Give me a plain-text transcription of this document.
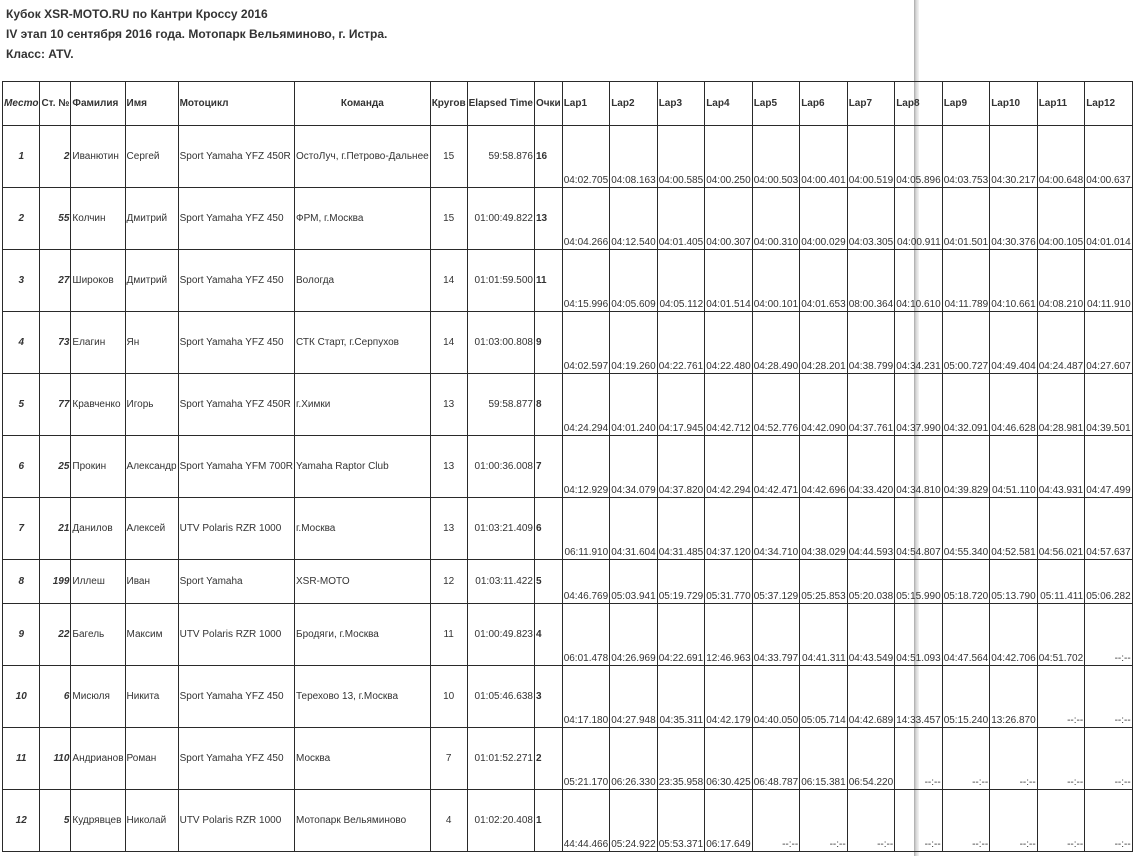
Кубок XSR-MOTO.RU по Кантри Кроссу 2016
IV этап 10 сентября 2016 года. Мотопарк Вельяминово, г. Истра.
Класс: ATV.
Место	Ст. №	Фамилия	Имя	Мотоцикл	Команда	Кругов	Elapsed Time	Очки	Lap1	Lap2	Lap3	Lap4	Lap5	Lap6	Lap7	Lap8	Lap9	Lap10	Lap11	Lap12
1	2	Иванютин	Сергей	Sport Yamaha YFZ 450R	ОстоЛуч, г.Петрово-Дальнее	15	59:58.876	16	04:02.705	04:08.163	04:00.585	04:00.250	04:00.503	04:00.401	04:00.519	04:05.896	04:03.753	04:30.217	04:00.648	04:00.637
2	55	Колчин	Дмитрий	Sport Yamaha YFZ 450	ФРМ, г.Москва	15	01:00:49.822	13	04:04.266	04:12.540	04:01.405	04:00.307	04:00.310	04:00.029	04:03.305	04:00.911	04:01.501	04:30.376	04:00.105	04:01.014
3	27	Широков	Дмитрий	Sport Yamaha YFZ 450	Вологда	14	01:01:59.500	11	04:15.996	04:05.609	04:05.112	04:01.514	04:00.101	04:01.653	08:00.364	04:10.610	04:11.789	04:10.661	04:08.210	04:11.910
4	73	Елагин	Ян	Sport Yamaha YFZ 450	СТК Старт, г.Серпухов	14	01:03:00.808	9	04:02.597	04:19.260	04:22.761	04:22.480	04:28.490	04:28.201	04:38.799	04:34.231	05:00.727	04:49.404	04:24.487	04:27.607
5	77	Кравченко	Игорь	Sport Yamaha YFZ 450R	г.Химки	13	59:58.877	8	04:24.294	04:01.240	04:17.945	04:42.712	04:52.776	04:42.090	04:37.761	04:37.990	04:32.091	04:46.628	04:28.981	04:39.501
6	25	Прокин	Александр	Sport Yamaha YFM 700R	Yamaha Raptor Club	13	01:00:36.008	7	04:12.929	04:34.079	04:37.820	04:42.294	04:42.471	04:42.696	04:33.420	04:34.810	04:39.829	04:51.110	04:43.931	04:47.499
7	21	Данилов	Алексей	UTV Polaris RZR 1000	г.Москва	13	01:03:21.409	6	06:11.910	04:31.604	04:31.485	04:37.120	04:34.710	04:38.029	04:44.593	04:54.807	04:55.340	04:52.581	04:56.021	04:57.637
8	199	Иллеш	Иван	Sport Yamaha	XSR-MOTO	12	01:03:11.422	5	04:46.769	05:03.941	05:19.729	05:31.770	05:37.129	05:25.853	05:20.038	05:15.990	05:18.720	05:13.790	05:11.411	05:06.282
9	22	Багель	Максим	UTV Polaris RZR 1000	Бродяги, г.Москва	11	01:00:49.823	4	06:01.478	04:26.969	04:22.691	12:46.963	04:33.797	04:41.311	04:43.549	04:51.093	04:47.564	04:42.706	04:51.702	--:--
10	6	Мисюля	Никита	Sport Yamaha YFZ 450	Терехово 13, г.Москва	10	01:05:46.638	3	04:17.180	04:27.948	04:35.311	04:42.179	04:40.050	05:05.714	04:42.689	14:33.457	05:15.240	13:26.870	--:--	--:--
11	110	Андрианов	Роман	Sport Yamaha YFZ 450	Москва	7	01:01:52.271	2	05:21.170	06:26.330	23:35.958	06:30.425	06:48.787	06:15.381	06:54.220	--:--	--:--	--:--	--:--	--:--
12	5	Кудрявцев	Николай	UTV Polaris RZR 1000	Мотопарк Вельяминово	4	01:02:20.408	1	44:44.466	05:24.922	05:53.371	06:17.649	--:--	--:--	--:--	--:--	--:--	--:--	--:--	--:--
